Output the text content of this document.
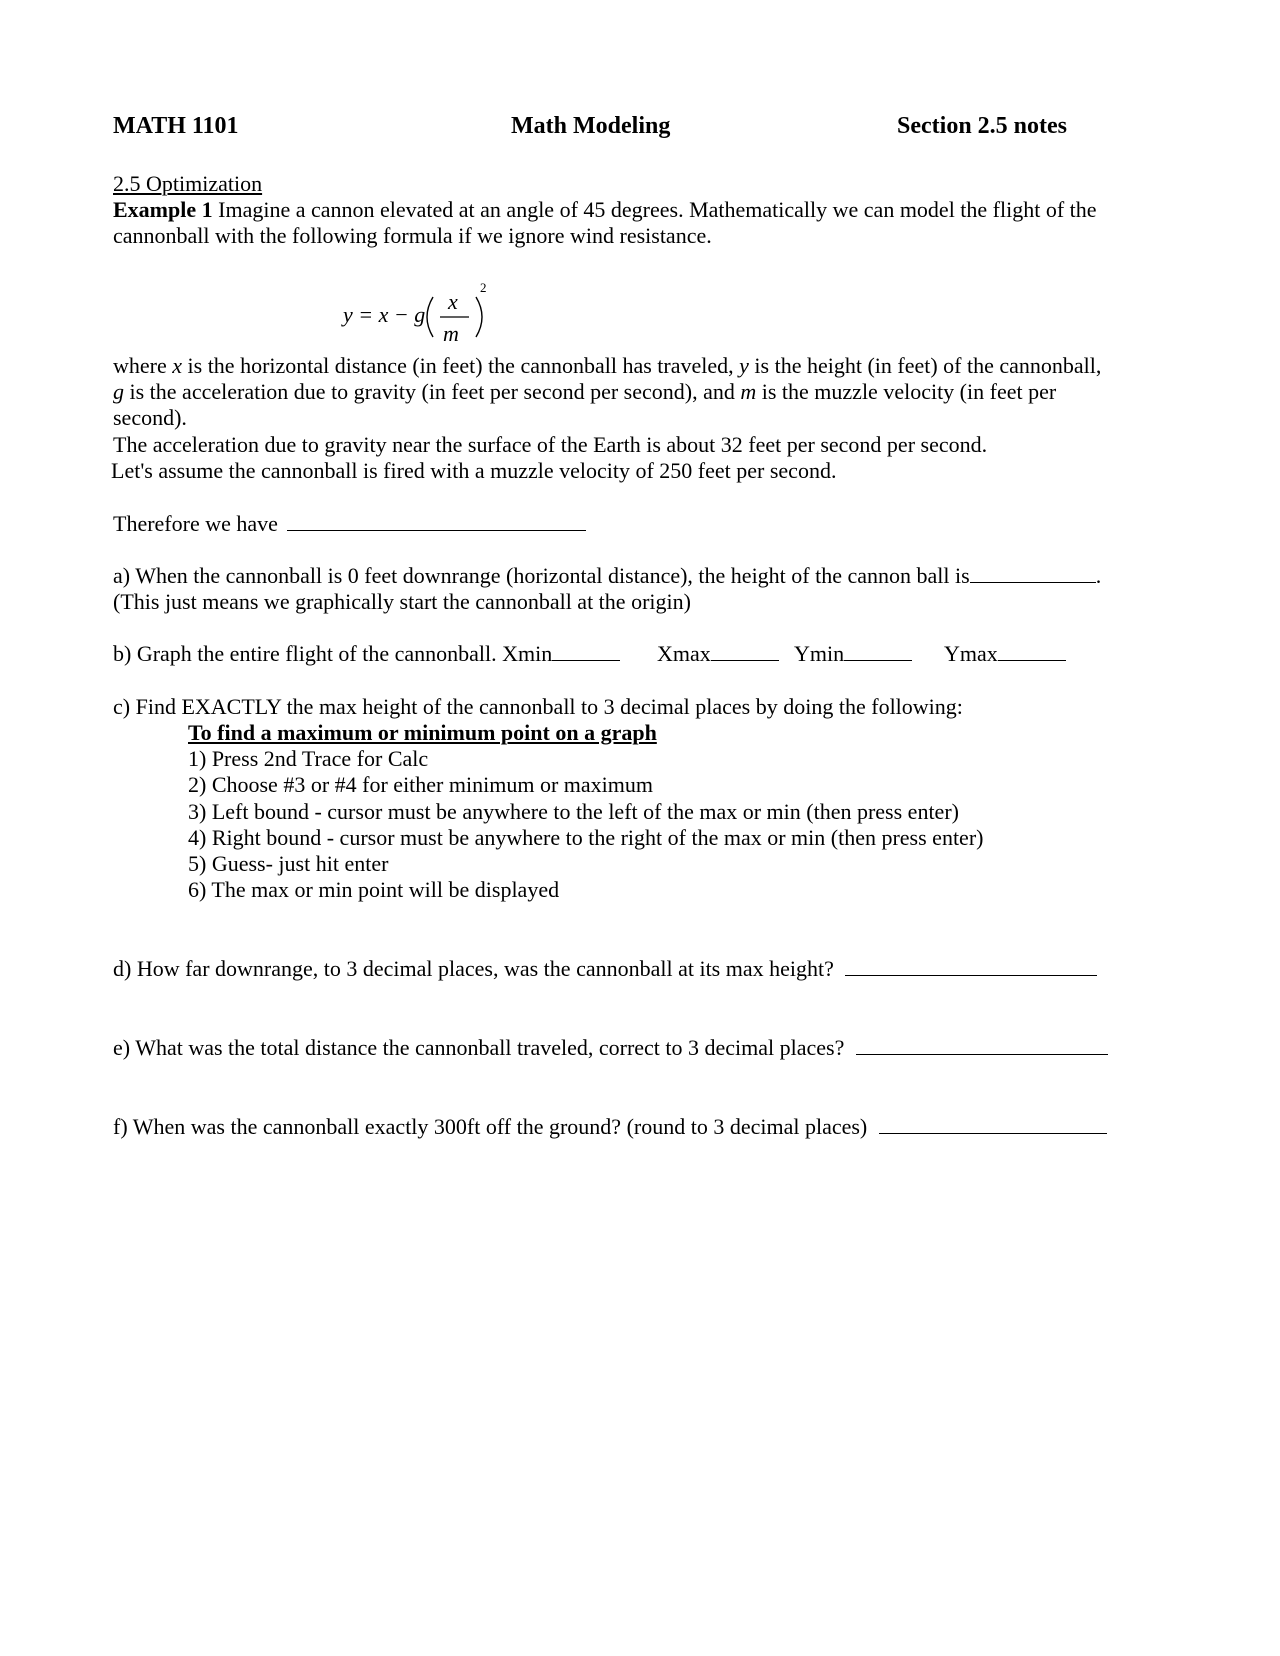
MATH 1101	Math Modeling	Section 2.5 notes
2.5 Optimization
Example 1 Imagine a cannon elevated at an angle of 45 degrees. Mathematically we can model the flight of the
cannonball with the following formula if we ignore wind resistance.
y = x − g
x
m
2
where x is the horizontal distance (in feet) the cannonball has traveled, y is the height (in feet) of the cannonball,
g is the acceleration due to gravity (in feet per second per second), and m is the muzzle velocity (in feet per
second).
The acceleration due to gravity near the surface of the Earth is about 32 feet per second per second.
Let's assume the cannonball is fired with a muzzle velocity of 250 feet per second.
Therefore we have
a) When the cannonball is 0 feet downrange (horizontal distance), the height of the cannon ball is	.
(This just means we graphically start the cannonball at the origin)
b) Graph the entire flight of the cannonball. Xmin	Xmax	Ymin	Ymax
c) Find EXACTLY the max height of the cannonball to 3 decimal places by doing the following:
To find a maximum or minimum point on a graph
1) Press 2nd Trace for Calc
2) Choose #3 or #4 for either minimum or maximum
3) Left bound - cursor must be anywhere to the left of the max or min (then press enter)
4) Right bound - cursor must be anywhere to the right of the max or min (then press enter)
5) Guess- just hit enter
6) The max or min point will be displayed
d) How far downrange, to 3 decimal places, was the cannonball at its max height?
e) What was the total distance the cannonball traveled, correct to 3 decimal places?
f) When was the cannonball exactly 300ft off the ground? (round to 3 decimal places)
